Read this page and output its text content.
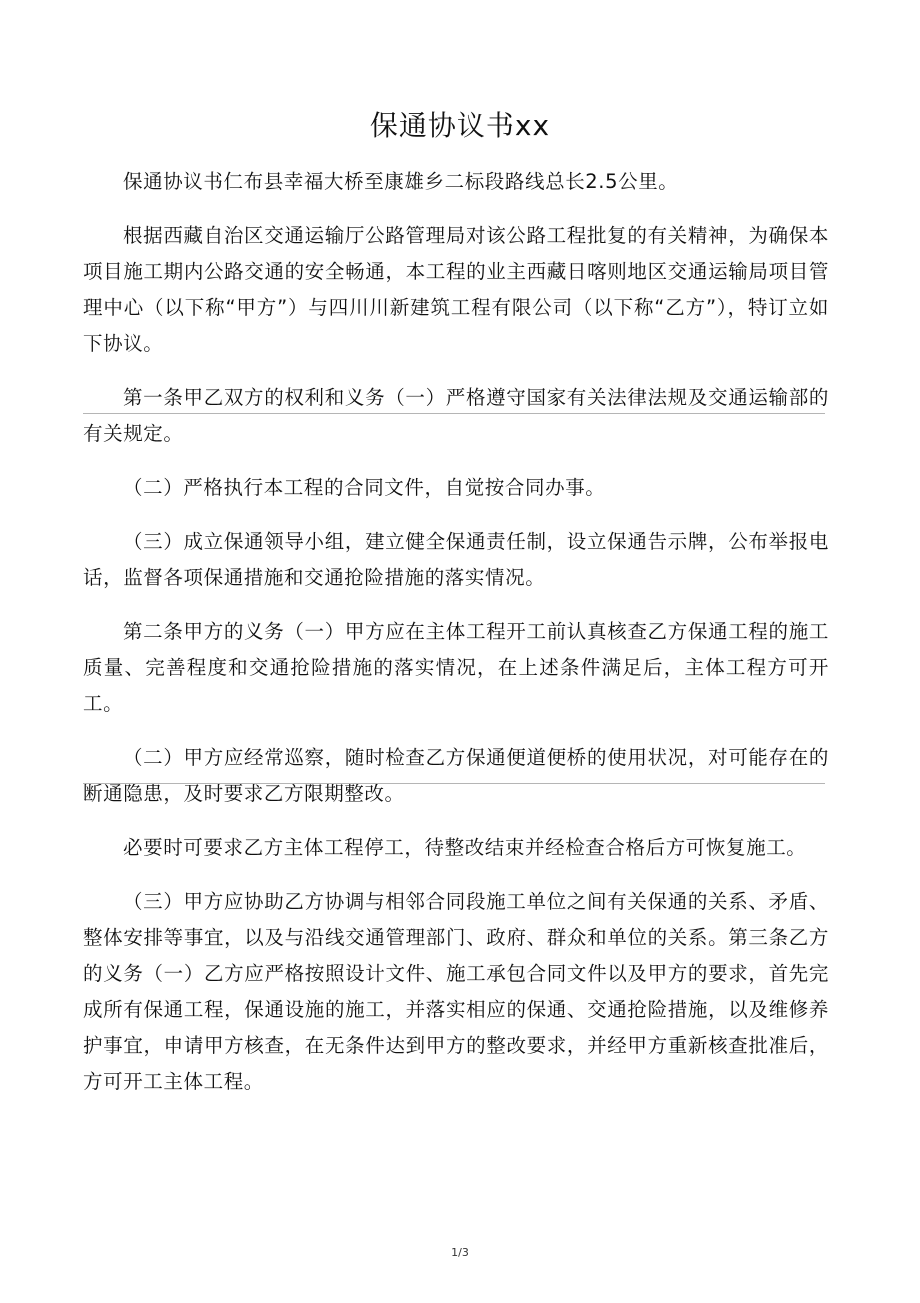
保通协议书xx

保通协议书仁布县幸福大桥至康雄乡二标段路线总长2.5公里。

根据西藏自治区交通运输厅公路管理局对该公路工程批复的有关精神，为确保本项目施工期内公路交通的安全畅通，本工程的业主西藏日喀则地区交通运输局项目管理中心（以下称“甲方”）与四川川新建筑工程有限公司（以下称“乙方”），特订立如下协议。

第一条甲乙双方的权利和义务（一）严格遵守国家有关法律法规及交通运输部的有关规定。

（二）严格执行本工程的合同文件，自觉按合同办事。

（三）成立保通领导小组，建立健全保通责任制，设立保通告示牌，公布举报电话，监督各项保通措施和交通抢险措施的落实情况。

第二条甲方的义务（一）甲方应在主体工程开工前认真核查乙方保通工程的施工质量、完善程度和交通抢险措施的落实情况，在上述条件满足后，主体工程方可开工。

（二）甲方应经常巡察，随时检查乙方保通便道便桥的使用状况，对可能存在的断通隐患，及时要求乙方限期整改。

必要时可要求乙方主体工程停工，待整改结束并经检查合格后方可恢复施工。

（三）甲方应协助乙方协调与相邻合同段施工单位之间有关保通的关系、矛盾、整体安排等事宜，以及与沿线交通管理部门、政府、群众和单位的关系。第三条乙方的义务（一）乙方应严格按照设计文件、施工承包合同文件以及甲方的要求，首先完成所有保通工程，保通设施的施工，并落实相应的保通、交通抢险措施，以及维修养护事宜，申请甲方核查，在无条件达到甲方的整改要求，并经甲方重新核查批准后，方可开工主体工程。

1/3
